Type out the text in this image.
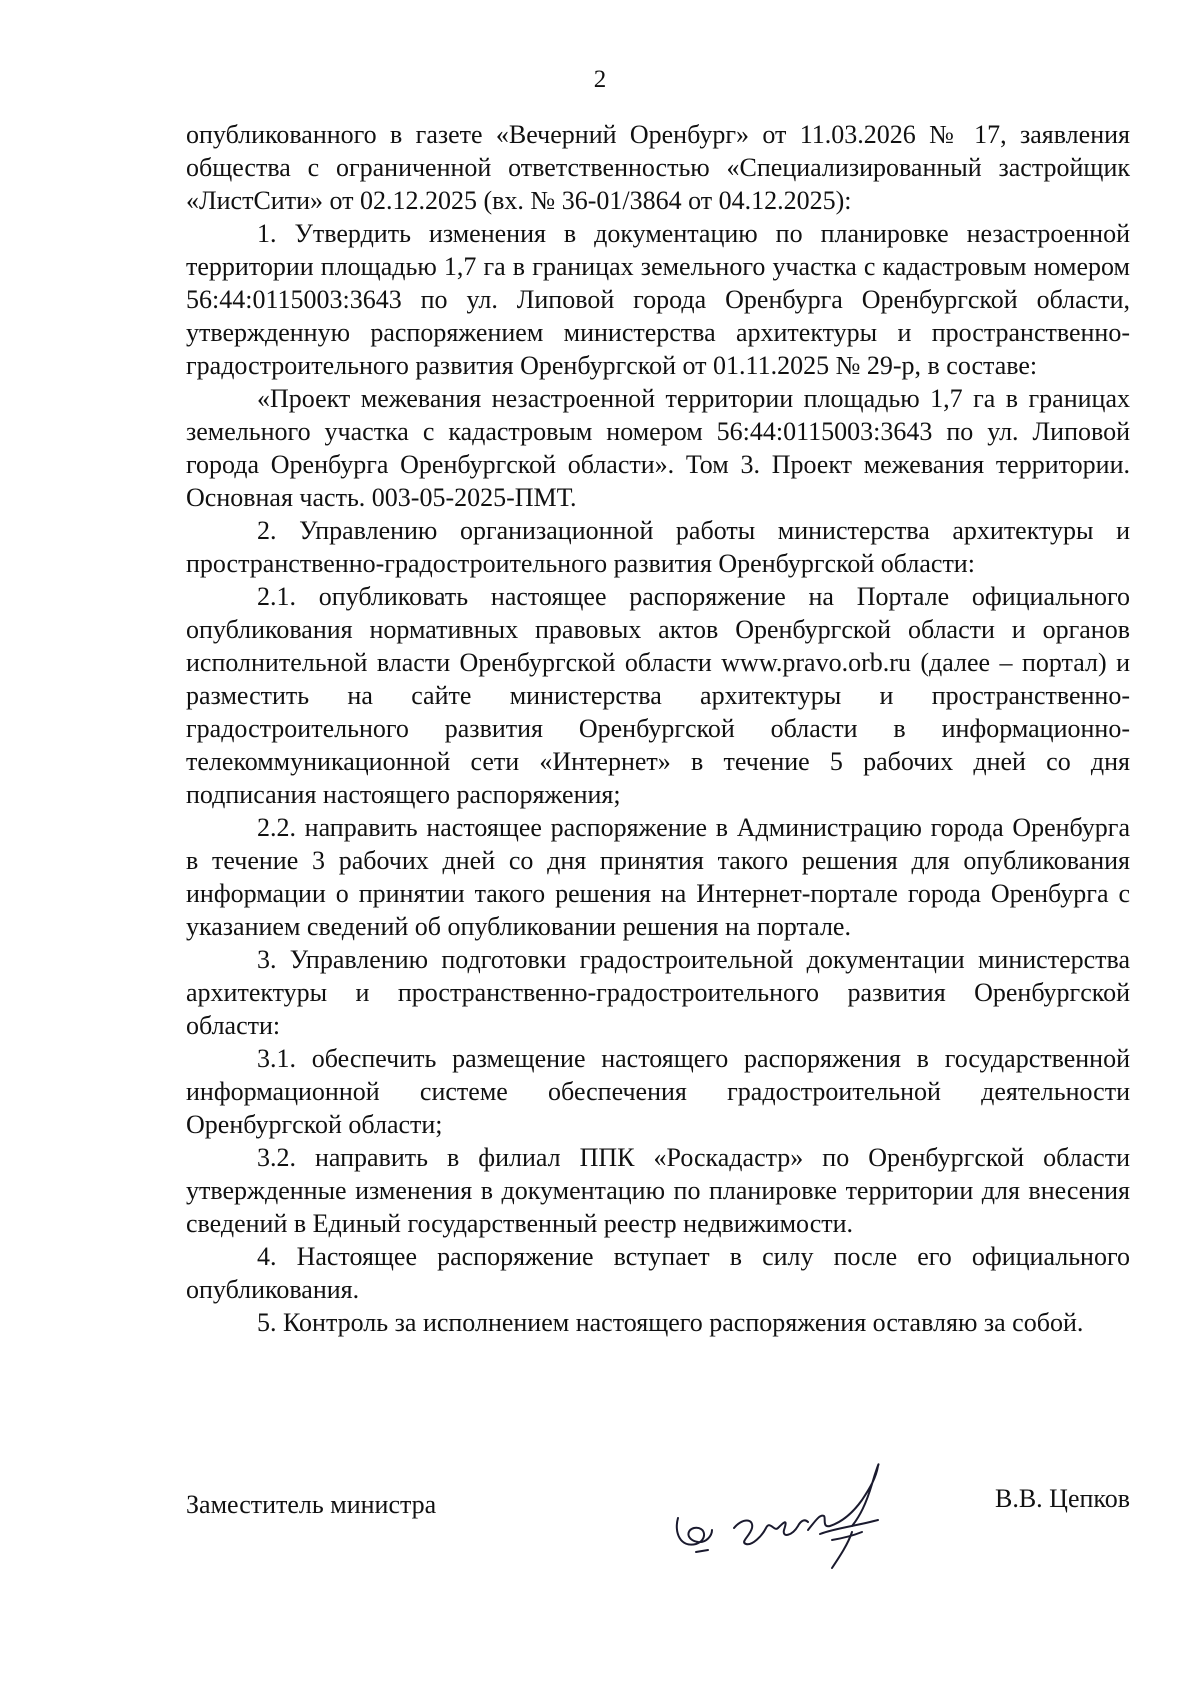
2

опубликованного в газете «Вечерний Оренбург» от 11.03.2026 № 17, заявления общества с ограниченной ответственностью «Специализированный застройщик «ЛистСити» от 02.12.2025 (вх. № 36-01/3864 от 04.12.2025):

1. Утвердить изменения в документацию по планировке незастроенной территории площадью 1,7 га в границах земельного участка с кадастровым номером 56:44:0115003:3643 по ул. Липовой города Оренбурга Оренбургской области, утвержденную распоряжением министерства архитектуры и пространственно-градостроительного развития Оренбургской от 01.11.2025 № 29-р, в составе:

«Проект межевания незастроенной территории площадью 1,7 га в границах земельного участка с кадастровым номером 56:44:0115003:3643 по ул. Липовой города Оренбурга Оренбургской области». Том 3. Проект межевания территории. Основная часть. 003-05-2025-ПМТ.

2. Управлению организационной работы министерства архитектуры и пространственно-градостроительного развития Оренбургской области:

2.1. опубликовать настоящее распоряжение на Портале официального опубликования нормативных правовых актов Оренбургской области и органов исполнительной власти Оренбургской области www.pravo.orb.ru (далее – портал) и разместить на сайте министерства архитектуры и пространственно-градостроительного развития Оренбургской области в информационно-телекоммуникационной сети «Интернет» в течение 5 рабочих дней со дня подписания настоящего распоряжения;

2.2. направить настоящее распоряжение в Администрацию города Оренбурга в течение 3 рабочих дней со дня принятия такого решения для опубликования информации о принятии такого решения на Интернет-портале города Оренбурга с указанием сведений об опубликовании решения на портале.

3. Управлению подготовки градостроительной документации министерства архитектуры и пространственно-градостроительного развития Оренбургской области:

3.1. обеспечить размещение настоящего распоряжения в государственной информационной системе обеспечения градостроительной деятельности Оренбургской области;

3.2. направить в филиал ППК «Роскадастр» по Оренбургской области утвержденные изменения в документацию по планировке территории для внесения сведений в Единый государственный реестр недвижимости.

4. Настоящее распоряжение вступает в силу после его официального опубликования.

5. Контроль за исполнением настоящего распоряжения оставляю за собой.

Заместитель министра	В.В. Цепков
